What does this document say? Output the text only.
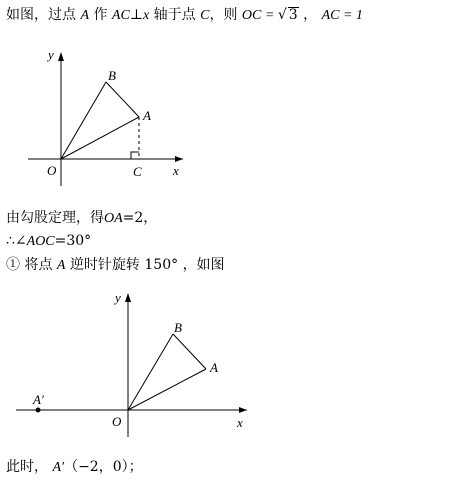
如图，过点 A 作 AC⊥x 轴于点 C，则 OC = √ 3 ， AC = 1
y
x
O
B
A
C
由勾股定理，得OA=2，
∴∠AOC=30°
① 将点 A 逆时针旋转 150° ，如图
y
x
O
B
A
A′
此时， A′（−2，0）；
